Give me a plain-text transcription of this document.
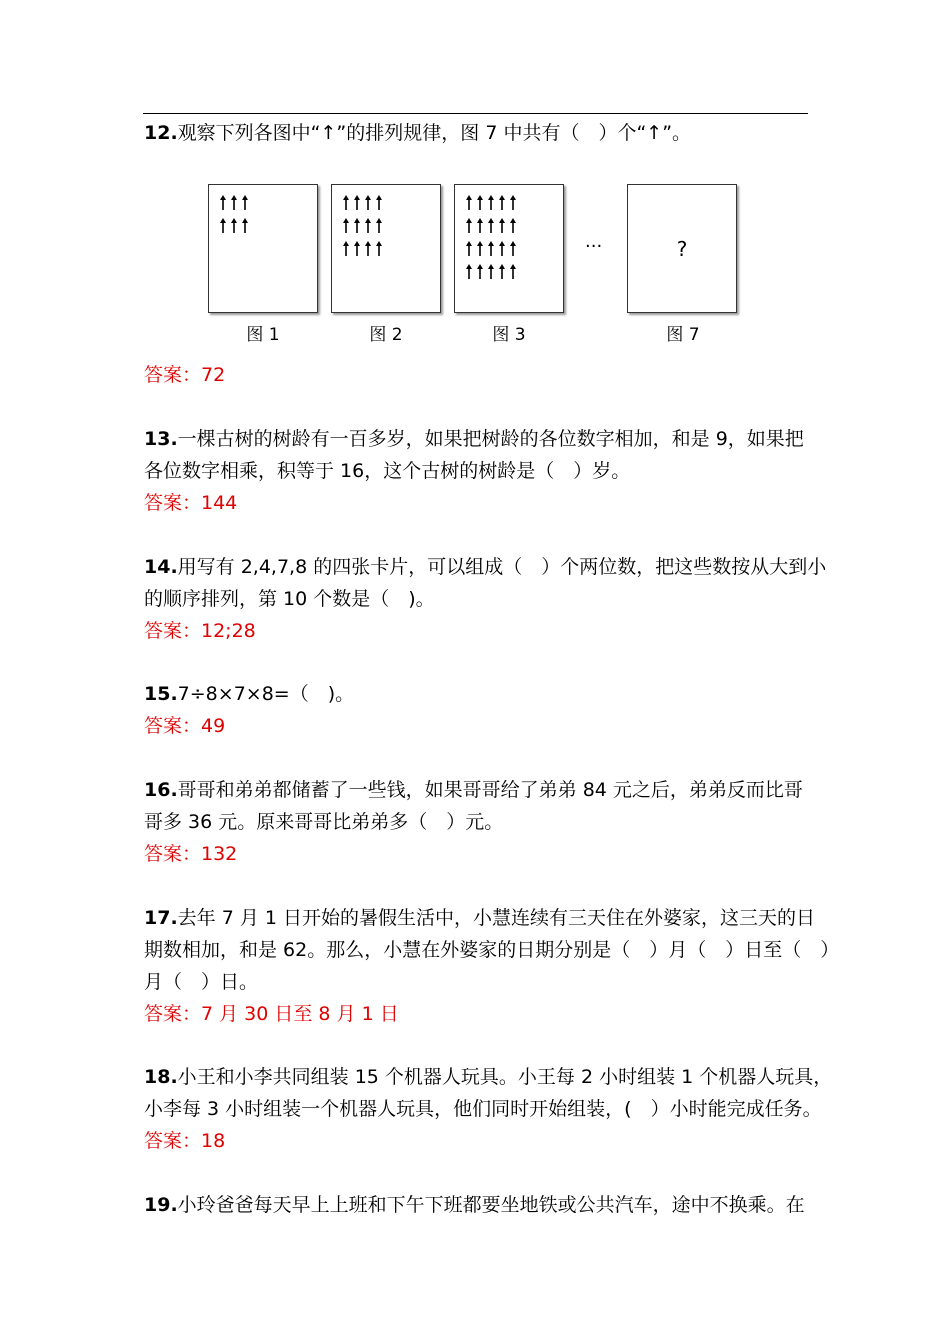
12.观察下列各图中“↑”的排列规律，图 7 中共有（　）个“↑”。
···	?
图 1	图 2	图 3	图 7
答案：72
13.一棵古树的树龄有一百多岁，如果把树龄的各位数字相加，和是 9，如果把
各位数字相乘，积等于 16，这个古树的树龄是（　）岁。
答案：144
14.用写有 2,4,7,8 的四张卡片，可以组成（　）个两位数，把这些数按从大到小
的顺序排列，第 10 个数是（　)。
答案：12;28
15.7÷8×7×8=（　)。
答案：49
16.哥哥和弟弟都储蓄了一些钱，如果哥哥给了弟弟 84 元之后，弟弟反而比哥
哥多 36 元。原来哥哥比弟弟多（　）元。
答案：132
17.去年 7 月 1 日开始的暑假生活中，小慧连续有三天住在外婆家，这三天的日
期数相加，和是 62。那么，小慧在外婆家的日期分别是（　）月（　）日至（　）
月（　）日。
答案：7 月 30 日至 8 月 1 日
18.小王和小李共同组装 15 个机器人玩具。小王每 2 小时组装 1 个机器人玩具，
小李每 3 小时组装一个机器人玩具，他们同时开始组装，(　）小时能完成任务。
答案：18
19.小玲爸爸每天早上上班和下午下班都要坐地铁或公共汽车，途中不换乘。在
